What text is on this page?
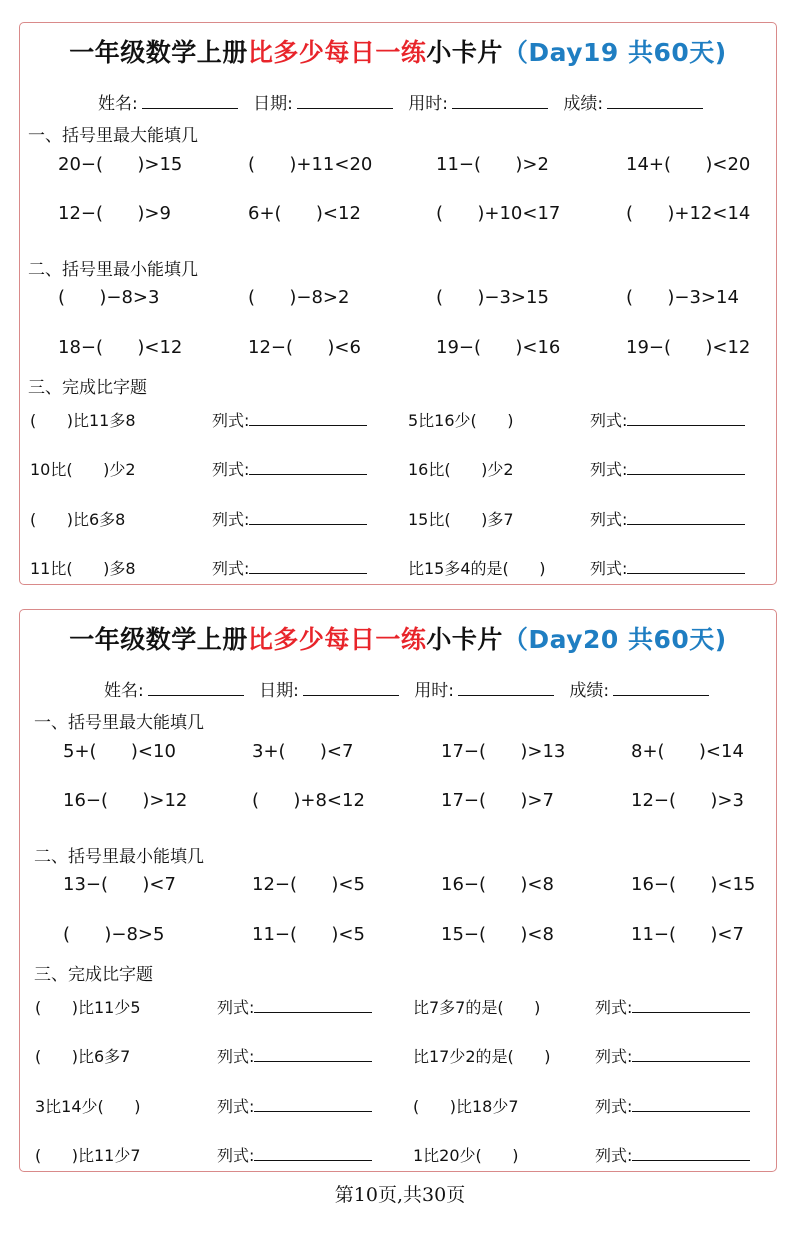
一年级数学上册比多少每日一练小卡片（Day19 共60天)
姓名:	日期:	用时:	成绩:
一、括号里最大能填几
20−(      )>15	(      )+11<20	11−(      )>2	14+(      )<20
12−(      )>9	6+(      )<12	(      )+10<17	(      )+12<14
二、括号里最小能填几
(      )−8>3	(      )−8>2	(      )−3>15	(      )−3>14
18−(      )<12	12−(      )<6	19−(      )<16	19−(      )<12
三、完成比字题
(      )比11多8	列式:	5比16少(      )	列式:
10比(      )少2	列式:	16比(      )少2	列式:
(      )比6多8	列式:	15比(      )多7	列式:
11比(      )多8	列式:	比15多4的是(      )	列式:
一年级数学上册比多少每日一练小卡片（Day20 共60天)
姓名:	日期:	用时:	成绩:
一、括号里最大能填几
5+(      )<10	3+(      )<7	17−(      )>13	8+(      )<14
16−(      )>12	(      )+8<12	17−(      )>7	12−(      )>3
二、括号里最小能填几
13−(      )<7	12−(      )<5	16−(      )<8	16−(      )<15
(      )−8>5	11−(      )<5	15−(      )<8	11−(      )<7
三、完成比字题
(      )比11少5	列式:	比7多7的是(      )	列式:
(      )比6多7	列式:	比17少2的是(      )	列式:
3比14少(      )	列式:	(      )比18少7	列式:
(      )比11少7	列式:	1比20少(      )	列式:
第10页,共30页
